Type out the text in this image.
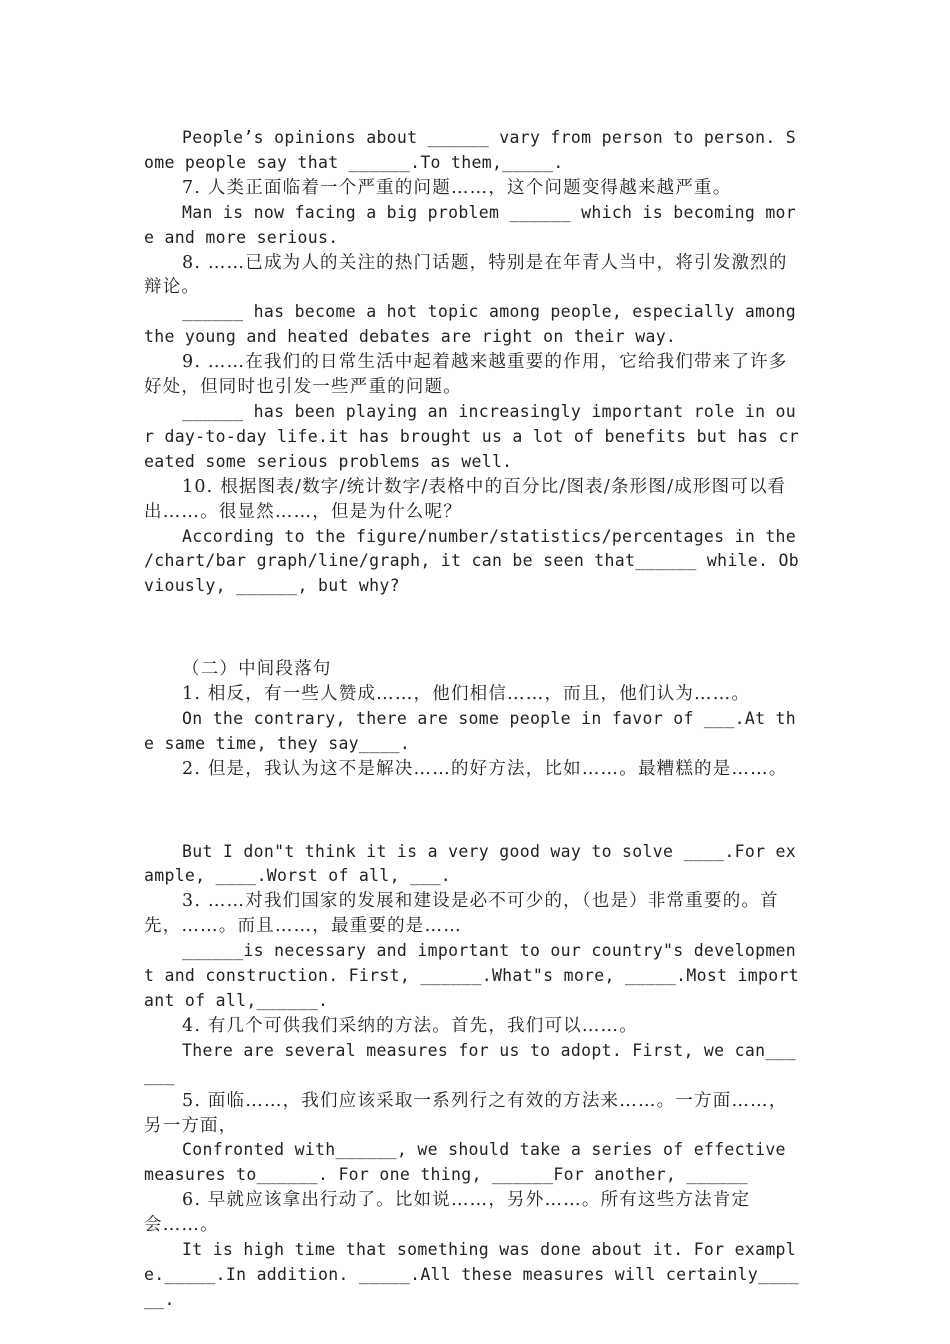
People’s opinions about ______ vary from person to person. Some people say that ______.To them,_____.

7. 人类正面临着一个严重的问题……，这个问题变得越来越严重。

Man is now facing a big problem ______ which is becoming more and more serious.

8. ……已成为人的关注的热门话题，特别是在年青人当中，将引发激烈的辩论。

______ has become a hot topic among people, especially among the young and heated debates are right on their way.

9. ……在我们的日常生活中起着越来越重要的作用，它给我们带来了许多好处，但同时也引发一些严重的问题。

______ has been playing an increasingly important role in our day-to-day life.it has brought us a lot of benefits but has created some serious problems as well.

10. 根据图表/数字/统计数字/表格中的百分比/图表/条形图/成形图可以看出……。很显然……，但是为什么呢？

According to the figure/number/statistics/percentages in the /chart/bar graph/line/graph, it can be seen that______ while. Obviously, ______, but why?

（二）中间段落句

1. 相反，有一些人赞成……，他们相信……，而且，他们认为……。

On the contrary, there are some people in favor of ___.At the same time, they say____.

2. 但是，我认为这不是解决……的好方法，比如……。最糟糕的是……。

But I don"t think it is a very good way to solve ____.For example, ____.Worst of all, ___.

3. ……对我们国家的发展和建设是必不可少的，（也是）非常重要的。首先，……。而且……，最重要的是……

______is necessary and important to our country"s development and construction. First, ______.What"s more, _____.Most important of all,______.

4. 有几个可供我们采纳的方法。首先，我们可以……。

There are several measures for us to adopt. First, we can______

5. 面临……，我们应该采取一系列行之有效的方法来……。一方面……，另一方面，

Confronted with______, we should take a series of effective measures to______. For one thing, ______For another, ______

6. 早就应该拿出行动了。比如说……，另外……。所有这些方法肯定会……。

It is high time that something was done about it. For example._____.In addition. _____.All these measures will certainly______.
